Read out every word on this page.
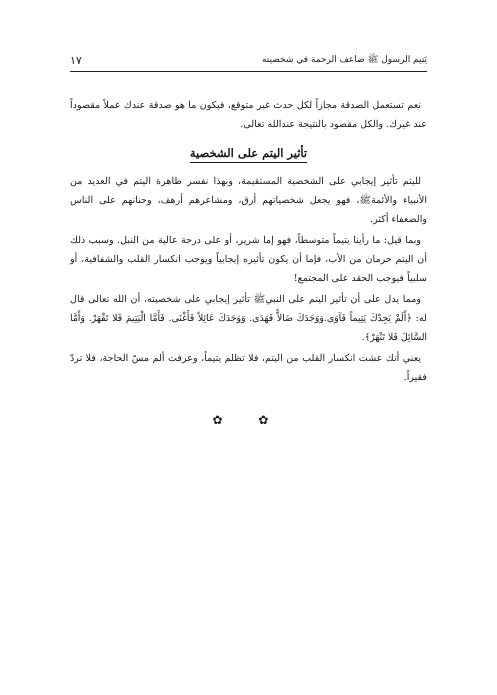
يَتيم الرسول ﷺ ضاعف الرحمة في شخصيته
١٧

نعم تستعمل الصدقة مجازاً لكل حدث غير متوقع، فيكون ما هو صدقة عندك عملاً مقصوداً عند غيرك. والكل مقصود بالنتيجة عندالله تعالى.

تأثير اليتم على الشخصية

لليتم تأثير إيجابي على الشخصية المستقيمة، وبهذا نفسر ظاهرة اليتم في العديد من الأنبياء والأئمةﷺ، فهو يجعل شخصياتهم أرق، ومشاعرهم أرهف، وحنانهم على الناس والضعفاء أكثر.

وبما قيل: ما رأينا يتيماً متوسطاً، فهو إما شرير، أو على درجة عالية من النبل. وسبب ذلك أن اليتم حرمان من الأب، فإما أن يكون تأثيره إيجابياً ويوجب انكسار القلب والشفافية، أو سلبياً فيوجب الحقد على المجتمع!

ومما يدل على أن تأثير اليتم على النبيﷺ تأثير إيجابي على شخصيته، أن الله تعالى قال له: ﴿أَلَمْ يَجِدْكَ يَتِيماً فَآوَى.وَوَجَدَكَ ضَالاًّ فَهَدَى. وَوَجَدَكَ عَائِلاً فَأَغْنَى. فَأَمَّا الْيَتِيمَ فَلا تَقْهَرْ. وَأَمَّا السَّائِلَ فَلا تَنْهَرْ﴾.

يعني أنك عشت انكسار القلب من اليتم، فلا تظلم يتيماً، وعرفت ألم مسّ الحاجة، فلا تردّ فقيراً.

✿ ✿
